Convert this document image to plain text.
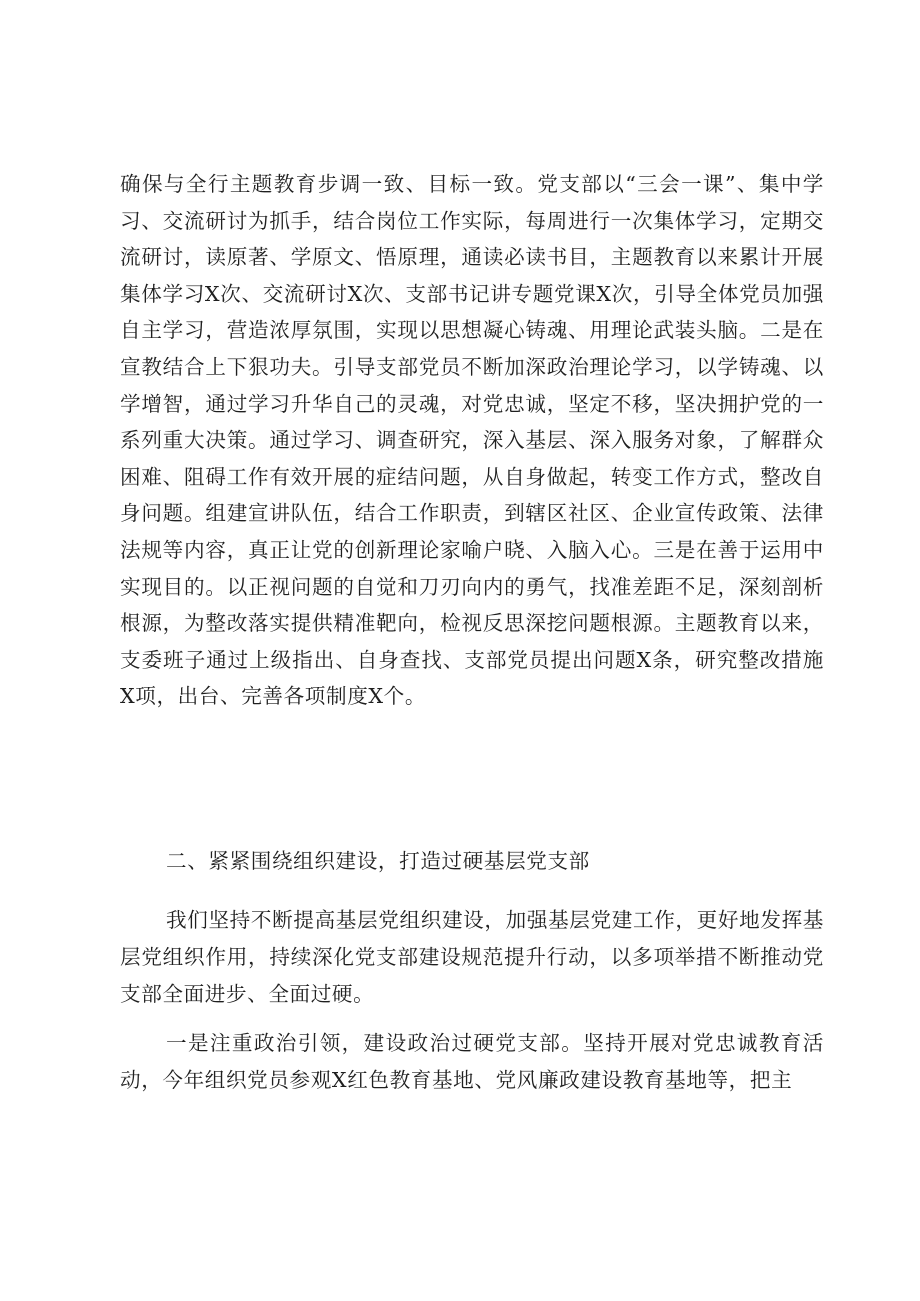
确保与全行主题教育步调一致、目标一致。党支部以“三会一课”、集中学习、交流研讨为抓手，结合岗位工作实际，每周进行一次集体学习，定期交流研讨，读原著、学原文、悟原理，通读必读书目，主题教育以来累计开展集体学习X次、交流研讨X次、支部书记讲专题党课X次，引导全体党员加强自主学习，营造浓厚氛围，实现以思想凝心铸魂、用理论武装头脑。二是在宣教结合上下狠功夫。引导支部党员不断加深政治理论学习，以学铸魂、以学增智，通过学习升华自己的灵魂，对党忠诚，坚定不移，坚决拥护党的一系列重大决策。通过学习、调查研究，深入基层、深入服务对象，了解群众困难、阻碍工作有效开展的症结问题，从自身做起，转变工作方式，整改自身问题。组建宣讲队伍，结合工作职责，到辖区社区、企业宣传政策、法律法规等内容，真正让党的创新理论家喻户晓、入脑入心。三是在善于运用中实现目的。以正视问题的自觉和刀刃向内的勇气，找准差距不足，深刻剖析根源，为整改落实提供精准靶向，检视反思深挖问题根源。主题教育以来，支委班子通过上级指出、自身查找、支部党员提出问题X条，研究整改措施X项，出台、完善各项制度X个。

二、紧紧围绕组织建设，打造过硬基层党支部

我们坚持不断提高基层党组织建设，加强基层党建工作，更好地发挥基层党组织作用，持续深化党支部建设规范提升行动，以多项举措不断推动党支部全面进步、全面过硬。

一是注重政治引领，建设政治过硬党支部。坚持开展对党忠诚教育活动，今年组织党员参观X红色教育基地、党风廉政建设教育基地等，把主
